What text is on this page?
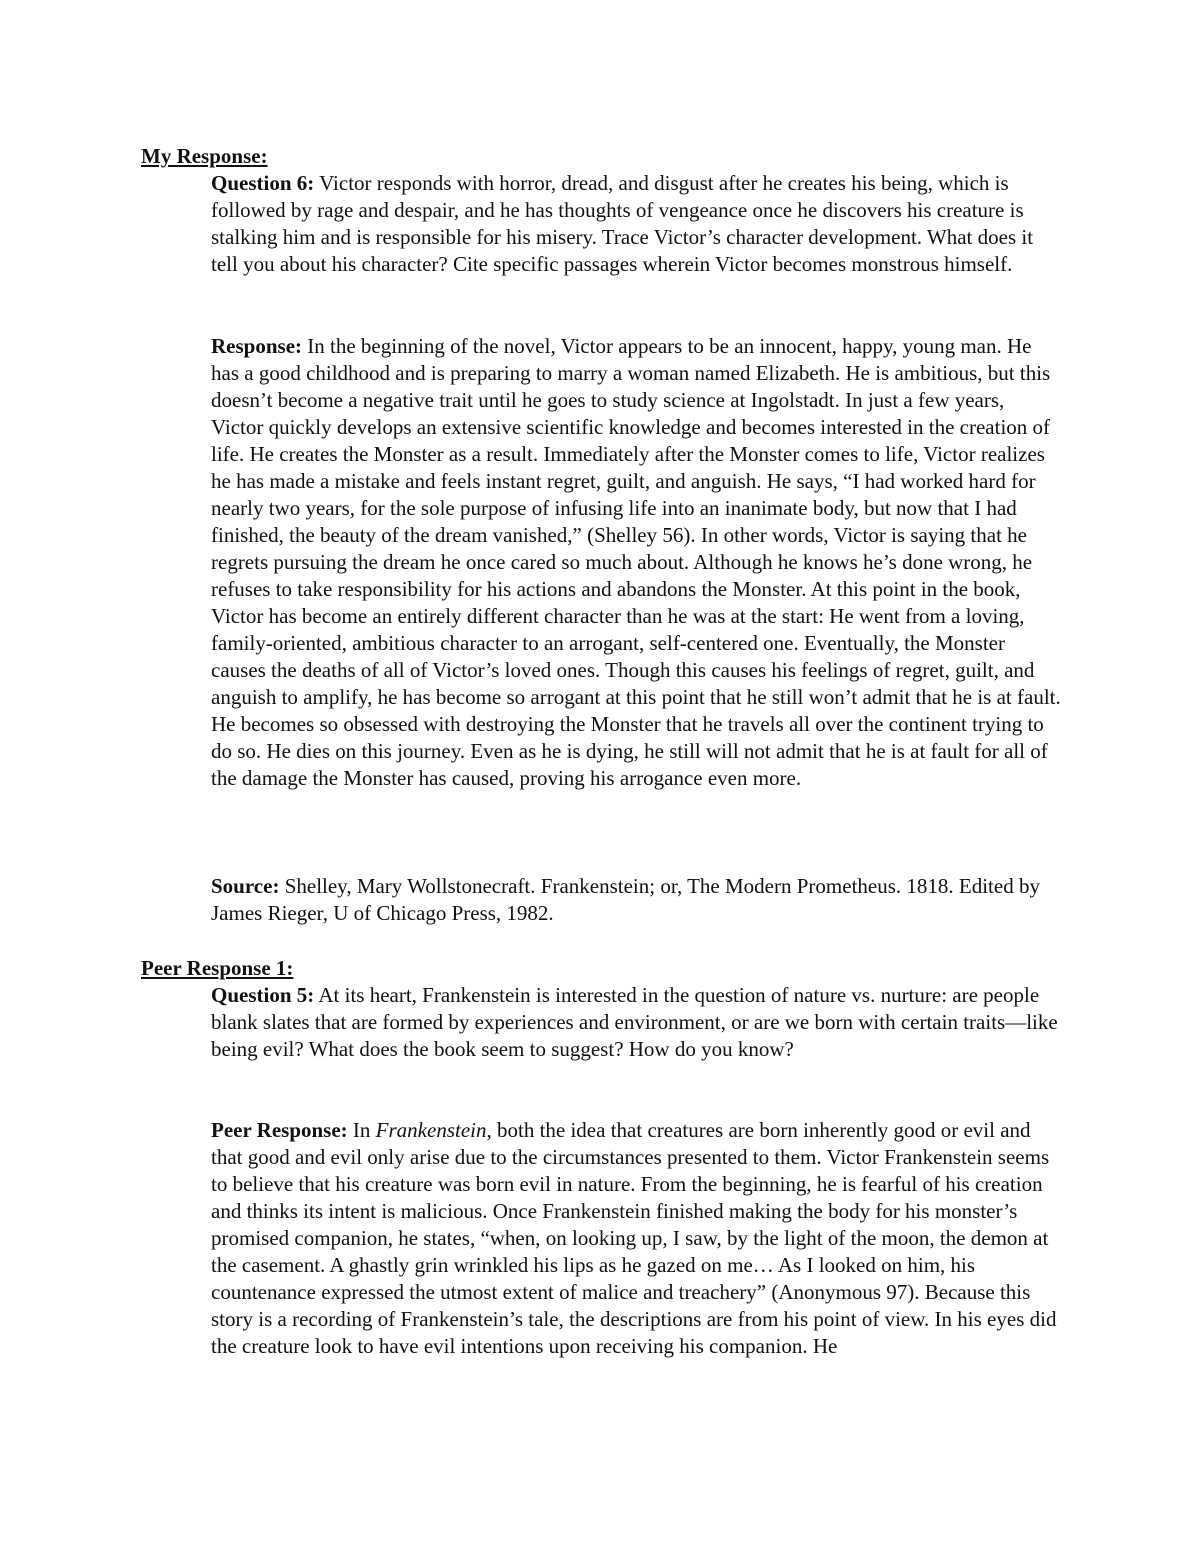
My Response:

Question 6: Victor responds with horror, dread, and disgust after he creates his being, which is followed by rage and despair, and he has thoughts of vengeance once he discovers his creature is stalking him and is responsible for his misery. Trace Victor’s character development. What does it tell you about his character? Cite specific passages wherein Victor becomes monstrous himself.

Response: In the beginning of the novel, Victor appears to be an innocent, happy, young man. He has a good childhood and is preparing to marry a woman named Elizabeth. He is ambitious, but this doesn’t become a negative trait until he goes to study science at Ingolstadt. In just a few years, Victor quickly develops an extensive scientific knowledge and becomes interested in the creation of life. He creates the Monster as a result. Immediately after the Monster comes to life, Victor realizes he has made a mistake and feels instant regret, guilt, and anguish. He says, “I had worked hard for nearly two years, for the sole purpose of infusing life into an inanimate body, but now that I had finished, the beauty of the dream vanished,” (Shelley 56). In other words, Victor is saying that he regrets pursuing the dream he once cared so much about. Although he knows he’s done wrong, he refuses to take responsibility for his actions and abandons the Monster. At this point in the book, Victor has become an entirely different character than he was at the start: He went from a loving, family-oriented, ambitious character to an arrogant, self-centered one. Eventually, the Monster causes the deaths of all of Victor’s loved ones. Though this causes his feelings of regret, guilt, and anguish to amplify, he has become so arrogant at this point that he still won’t admit that he is at fault. He becomes so obsessed with destroying the Monster that he travels all over the continent trying to do so. He dies on this journey. Even as he is dying, he still will not admit that he is at fault for all of the damage the Monster has caused, proving his arrogance even more.

Source: Shelley, Mary Wollstonecraft. Frankenstein; or, The Modern Prometheus. 1818. Edited by James Rieger, U of Chicago Press, 1982.

Peer Response 1:

Question 5: At its heart, Frankenstein is interested in the question of nature vs. nurture: are people blank slates that are formed by experiences and environment, or are we born with certain traits—like being evil? What does the book seem to suggest? How do you know?

Peer Response: In Frankenstein, both the idea that creatures are born inherently good or evil and that good and evil only arise due to the circumstances presented to them. Victor Frankenstein seems to believe that his creature was born evil in nature. From the beginning, he is fearful of his creation and thinks its intent is malicious. Once Frankenstein finished making the body for his monster’s promised companion, he states, “when, on looking up, I saw, by the light of the moon, the demon at the casement. A ghastly grin wrinkled his lips as he gazed on me… As I looked on him, his countenance expressed the utmost extent of malice and treachery” (Anonymous 97). Because this story is a recording of Frankenstein’s tale, the descriptions are from his point of view. In his eyes did the creature look to have evil intentions upon receiving his companion. He
